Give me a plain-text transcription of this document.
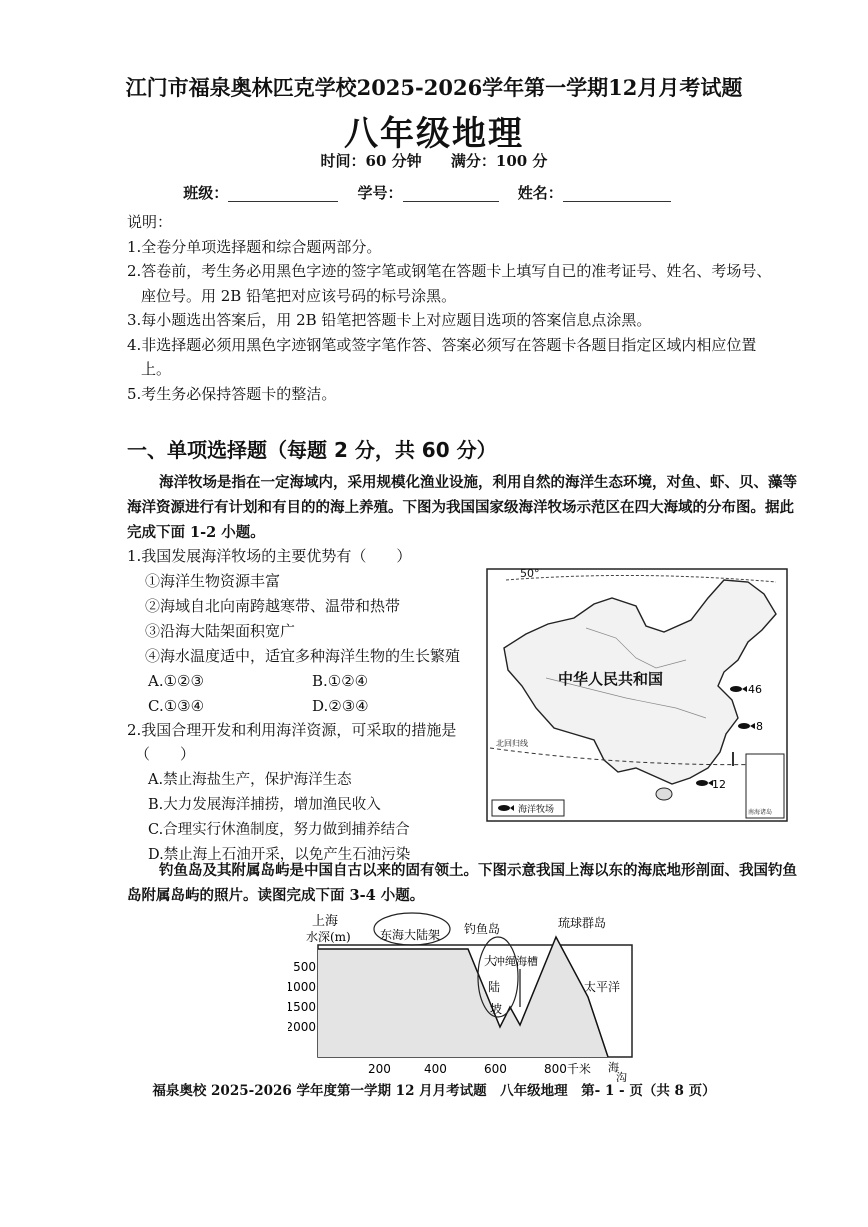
江门市福泉奥林匹克学校2025-2026学年第一学期12月月考试题
八年级地理
时间：60 分钟 满分：100 分
班级：	学号：	姓名：
说明：
1.全卷分单项选择题和综合题两部分。
2.答卷前，考生务必用黑色字迹的签字笔或钢笔在答题卡上填写自已的准考证号、姓名、考场号、
座位号。用 2B 铅笔把对应该号码的标号涂黑。
3.每小题选出答案后，用 2B 铅笔把答题卡上对应题目选项的答案信息点涂黑。
4.非选择题必须用黑色字迹钢笔或签字笔作答、答案必须写在答题卡各题目指定区域内相应位置
上。
5.考生务必保持答题卡的整洁。
一、单项选择题（每题 2 分，共 60 分）
海洋牧场是指在一定海域内，采用规模化渔业设施，利用自然的海洋生态环境，对鱼、虾、贝、藻等海洋资源进行有计划和有目的的海上养殖。下图为我国国家级海洋牧场示范区在四大海域的分布图。据此完成下面 1-2 小题。
1.我国发展海洋牧场的主要优势有（　　）
①海洋生物资源丰富
②海域自北向南跨越寒带、温带和热带
③沿海大陆架面积宽广
④海水温度适中，适宜多种海洋生物的生长繁殖
A.①②③	B.①②④
C.①③④	D.②③④
2.我国合理开发和利用海洋资源，可采取的措施是
（　　）
A.禁止海盐生产，保护海洋生态
B.大力发展海洋捕捞，增加渔民收入
C.合理实行休渔制度，努力做到捕养结合
D.禁止海上石油开采，以免产生石油污染
钓鱼岛及其附属岛屿是中国自古以来的固有领土。下图示意我国上海以东的海底地形剖面、我国钓鱼岛附属岛屿的照片。读图完成下面 3-4 小题。
50°
北回归线
中华人民共和国
46
8
12
南海诸岛
海洋牧场
上海
水深(m) 东海大陆架 钓鱼岛	琉球群岛
大
陆
坡
冲绳海槽
太平洋
海
沟
500
1000
1500
2000
200	400	600	800千米
福泉奥校 2025-2026 学年度第一学期 12 月月考试题　八年级地理　第- 1 - 页（共 8 页）
